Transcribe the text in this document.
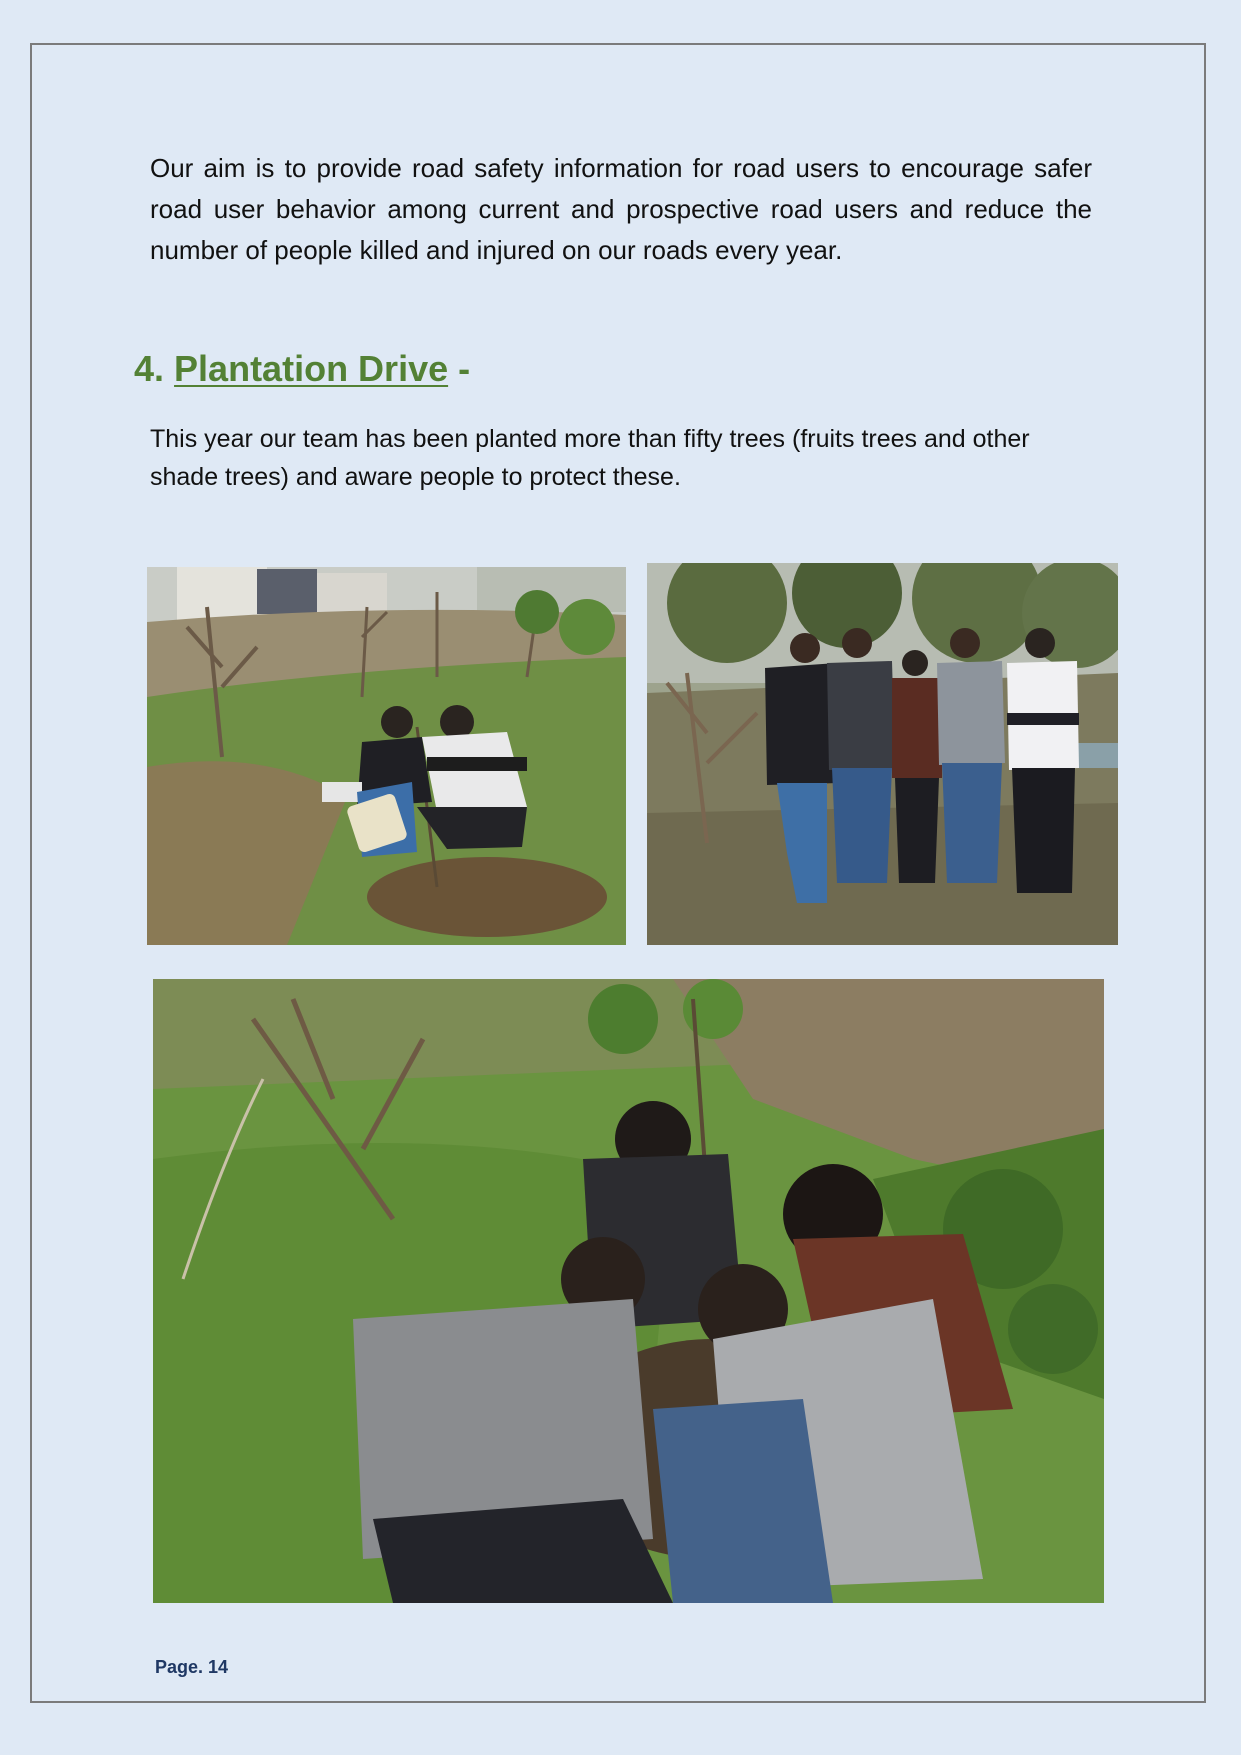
Our aim is to provide road safety information for road users to encourage safer road user behavior among current and prospective road users and reduce the number of people killed and injured on our roads every year.

4. Plantation Drive -

This year our team has been planted more than fifty trees (fruits trees and other shade trees) and aware people to protect these.

Page. 14
